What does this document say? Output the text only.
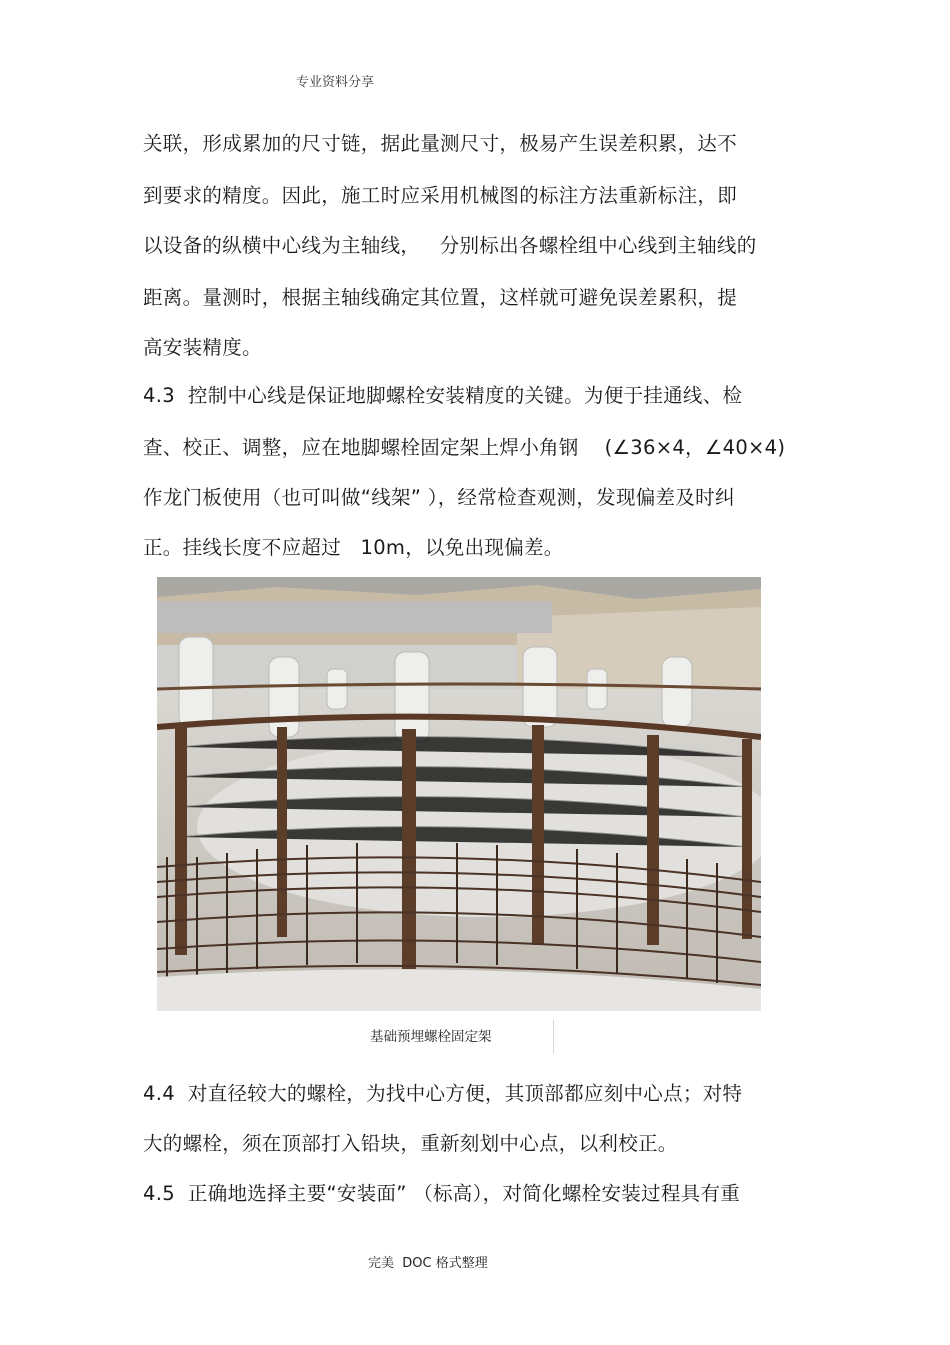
专业资料分享
关联，形成累加的尺寸链，据此量测尺寸，极易产生误差积累，达不
到要求的精度。因此，施工时应采用机械图的标注方法重新标注，即
以设备的纵横中心线为主轴线，   分别标出各螺栓组中心线到主轴线的
距离。量测时，根据主轴线确定其位置，这样就可避免误差累积，提
高安装精度。
4.3  控制中心线是保证地脚螺栓安装精度的关键。为便于挂通线、检
查、校正、调整，应在地脚螺栓固定架上焊小角钢    (∠36×4，∠40×4)
作龙门板使用（也可叫做“线架” ），经常检查观测，发现偏差及时纠
正。挂线长度不应超过   10m，以免出现偏差。
基础预埋螺栓固定架
4.4  对直径较大的螺栓，为找中心方便，其顶部都应刻中心点；对特
大的螺栓，须在顶部打入铅块，重新刻划中心点，以利校正。
4.5  正确地选择主要“安装面” （标高），对简化螺栓安装过程具有重
完美  DOC 格式整理
